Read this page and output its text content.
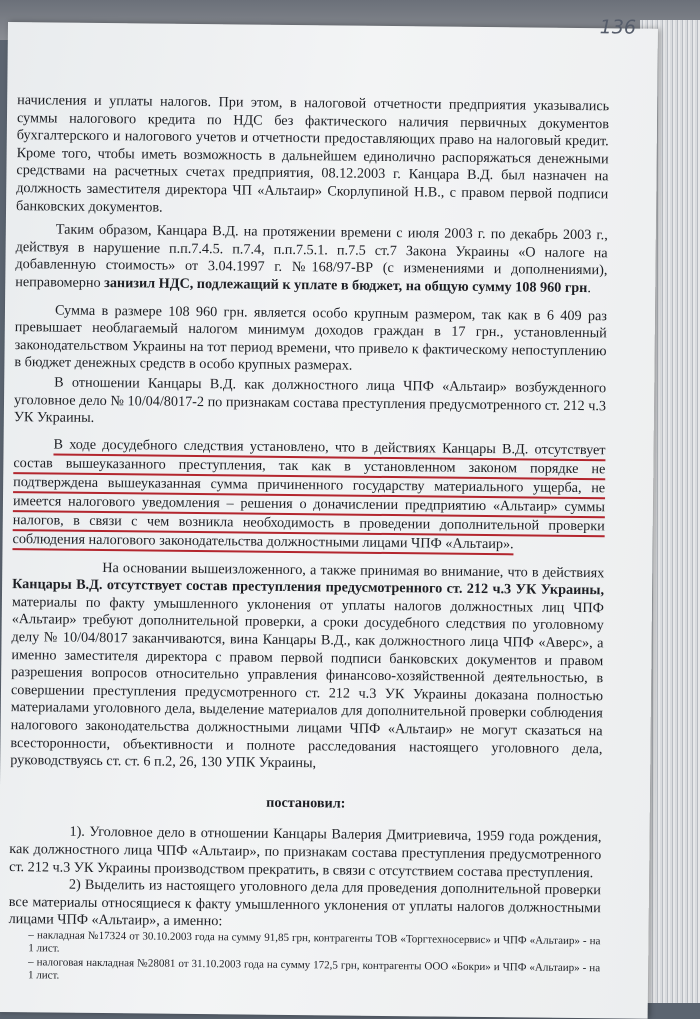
136

начисления и уплаты налогов. При этом, в налоговой отчетности предприятия указывались суммы налогового кредита по НДС без фактического наличия первичных документов бухгалтерского и налогового учетов и отчетности предоставляющих право на налоговый кредит. Кроме того, чтобы иметь возможность в дальнейшем единолично распоряжаться денежными средствами на расчетных счетах предприятия, 08.12.2003 г. Канцара В.Д. был назначен на должность заместителя директора ЧП «Альтаир» Скорлупиной Н.В., с правом первой подписи банковских документов.

Таким образом, Канцара В.Д. на протяжении времени с июля 2003 г. по декабрь 2003 г., действуя в нарушение п.п.7.4.5. п.7.4, п.п.7.5.1. п.7.5 ст.7 Закона Украины «О налоге на добавленную стоимость» от 3.04.1997 г. №168/97-ВР (с изменениями и дополнениями), неправомерно занизил НДС, подлежащий к уплате в бюджет, на общую сумму 108 960 грн.

Сумма в размере 108 960 грн. является особо крупным размером, так как в 6 409 раз превышает необлагаемый налогом минимум доходов граждан в 17 грн., установленный законодательством Украины на тот период времени, что привело к фактическому непоступлению в бюджет денежных средств в особо крупных размерах.

В отношении Канцары В.Д. как должностного лица ЧПФ «Альтаир» возбужденного уголовное дело № 10/04/8017-2 по признакам состава преступления предусмотренного ст. 212 ч.3 УК Украины.

В ходе досудебного следствия установлено, что в действиях Канцары В.Д. отсутствует состав вышеуказанного преступления, так как в установленном законом порядке не подтверждена вышеуказанная сумма причиненного государству материального ущерба, не имеется налогового уведомления – решения о доначислении предприятию «Альтаир» суммы налогов, в связи с чем возникла необходимость в проведении дополнительной проверки соблюдения налогового законодательства должностными лицами ЧПФ «Альтаир».

На основании вышеизложенного, а также принимая во внимание, что в действиях Канцары В.Д. отсутствует состав преступления предусмотренного ст. 212 ч.3 УК Украины, материалы по факту умышленного уклонения от уплаты налогов должностных лиц ЧПФ «Альтаир» требуют дополнительной проверки, а сроки досудебного следствия по уголовному делу № 10/04/8017 заканчиваются, вина Канцары В.Д., как должностного лица ЧПФ «Аверс», а именно заместителя директора с правом первой подписи банковских документов и правом разрешения вопросов относительно управления финансово-хозяйственной деятельностью, в совершении преступления предусмотренного ст. 212 ч.3 УК Украины доказана полностью материалами уголовного дела, выделение материалов для дополнительной проверки соблюдения налогового законодательства должностными лицами ЧПФ «Альтаир» не могут сказаться на всесторонности, объективности и полноте расследования настоящего уголовного дела, руководствуясь ст. ст. 6 п.2, 26, 130 УПК Украины,

постановил:

1). Уголовное дело в отношении Канцары Валерия Дмитриевича, 1959 года рождения, как должностного лица ЧПФ «Альтаир», по признакам состава преступления предусмотренного ст. 212 ч.3 УК Украины производством прекратить, в связи с отсутствием состава преступления.

2) Выделить из настоящего уголовного дела для проведения дополнительной проверки все материалы относящиеся к факту умышленного уклонения от уплаты налогов должностными лицами ЧПФ «Альтаир», а именно:

– накладная №17324 от 30.10.2003 года на сумму 91,85 грн, контрагенты ТОВ «Торгтехносервис» и ЧПФ «Альтаир» - на 1 лист.

– налоговая накладная №28081 от 31.10.2003 года на сумму 172,5 грн, контрагенты ООО «Бокри» и ЧПФ «Альтаир» - на 1 лист.
